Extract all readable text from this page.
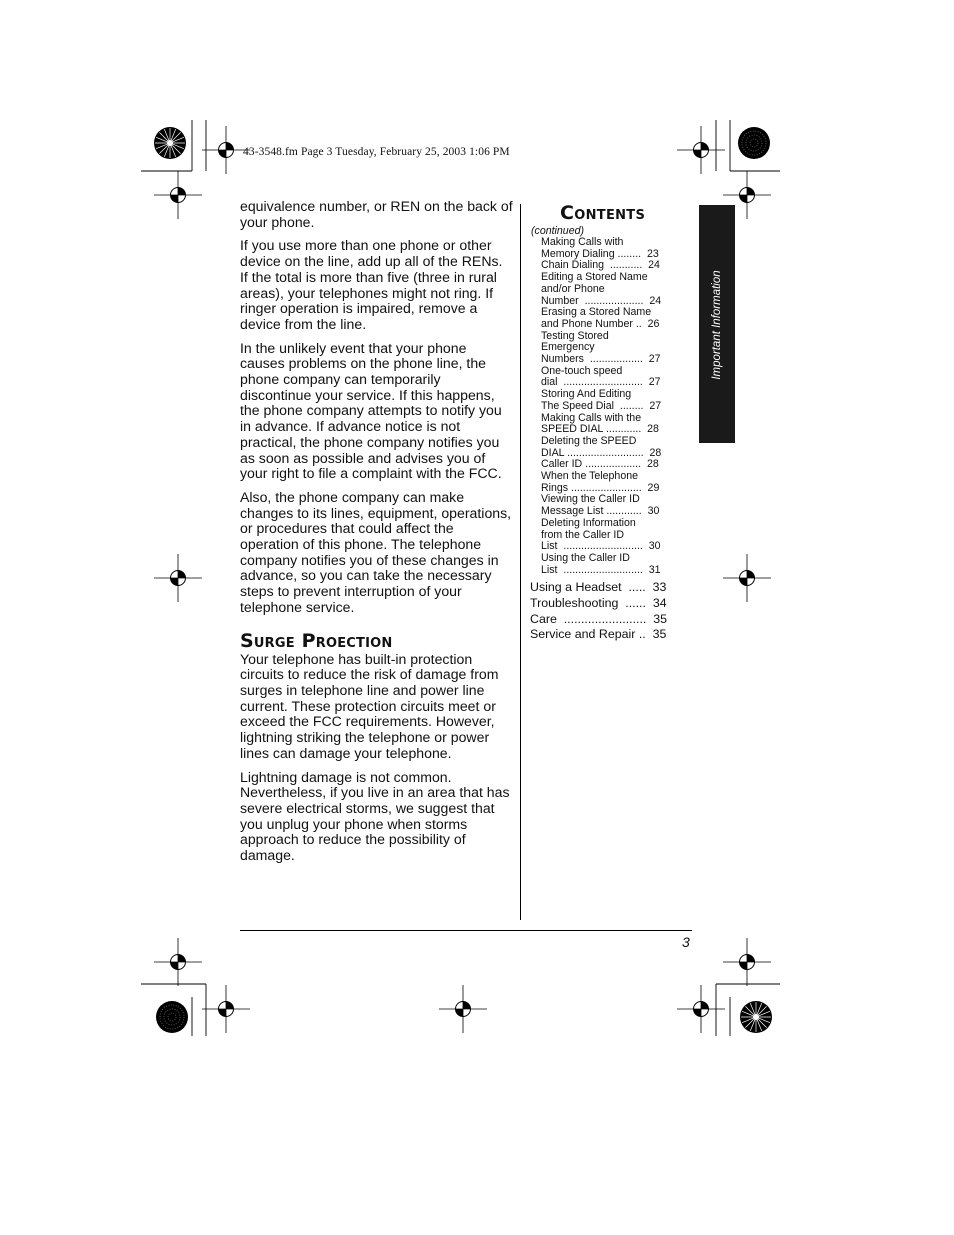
43-3548.fm Page 3 Tuesday, February 25, 2003 1:06 PM

equivalence number, or REN on the back of your phone.

If you use more than one phone or other device on the line, add up all of the RENs. If the total is more than five (three in rural areas), your telephones might not ring. If ringer operation is impaired, remove a device from the line.

In the unlikely event that your phone causes problems on the phone line, the phone company can temporarily discontinue your service. If this happens, the phone company attempts to notify you in advance. If advance notice is not practical, the phone company notifies you as soon as possible and advises you of your right to file a complaint with the FCC.

Also, the phone company can make changes to its lines, equipment, operations, or procedures that could affect the operation of this phone. The telephone company notifies you of these changes in advance, so you can take the necessary steps to prevent interruption of your telephone service.

Surge Proection

Your telephone has built-in protection circuits to reduce the risk of damage from surges in telephone line and power line current. These protection circuits meet or exceed the FCC requirements. However, lightning striking the telephone or power lines can damage your telephone.

Lightning damage is not common. Nevertheless, if you live in an area that has severe electrical storms, we suggest that you unplug your phone when storms approach to reduce the possibility of damage.

Contents
(continued)
Making Calls with
Memory Dialing ........  23
Chain Dialing  ...........  24
Editing a Stored Name
and/or Phone
Number  ....................  24
Erasing a Stored Name
and Phone Number ..  26
Testing Stored
Emergency
Numbers  ..................  27
One-touch speed
dial  ...........................  27
Storing And Editing
The Speed Dial  ........  27
Making Calls with the
SPEED DIAL ............  28
Deleting the SPEED
DIAL ..........................  28
Caller ID ...................  28
When the Telephone
Rings ........................  29
Viewing the Caller ID
Message List ............  30
Deleting Information
from the Caller ID
List  ...........................  30
Using the Caller ID
List  ...........................  31
Using a Headset  .....  33
Troubleshooting  ......  34
Care  ........................  35
Service and Repair ..  35
Important Information
3
